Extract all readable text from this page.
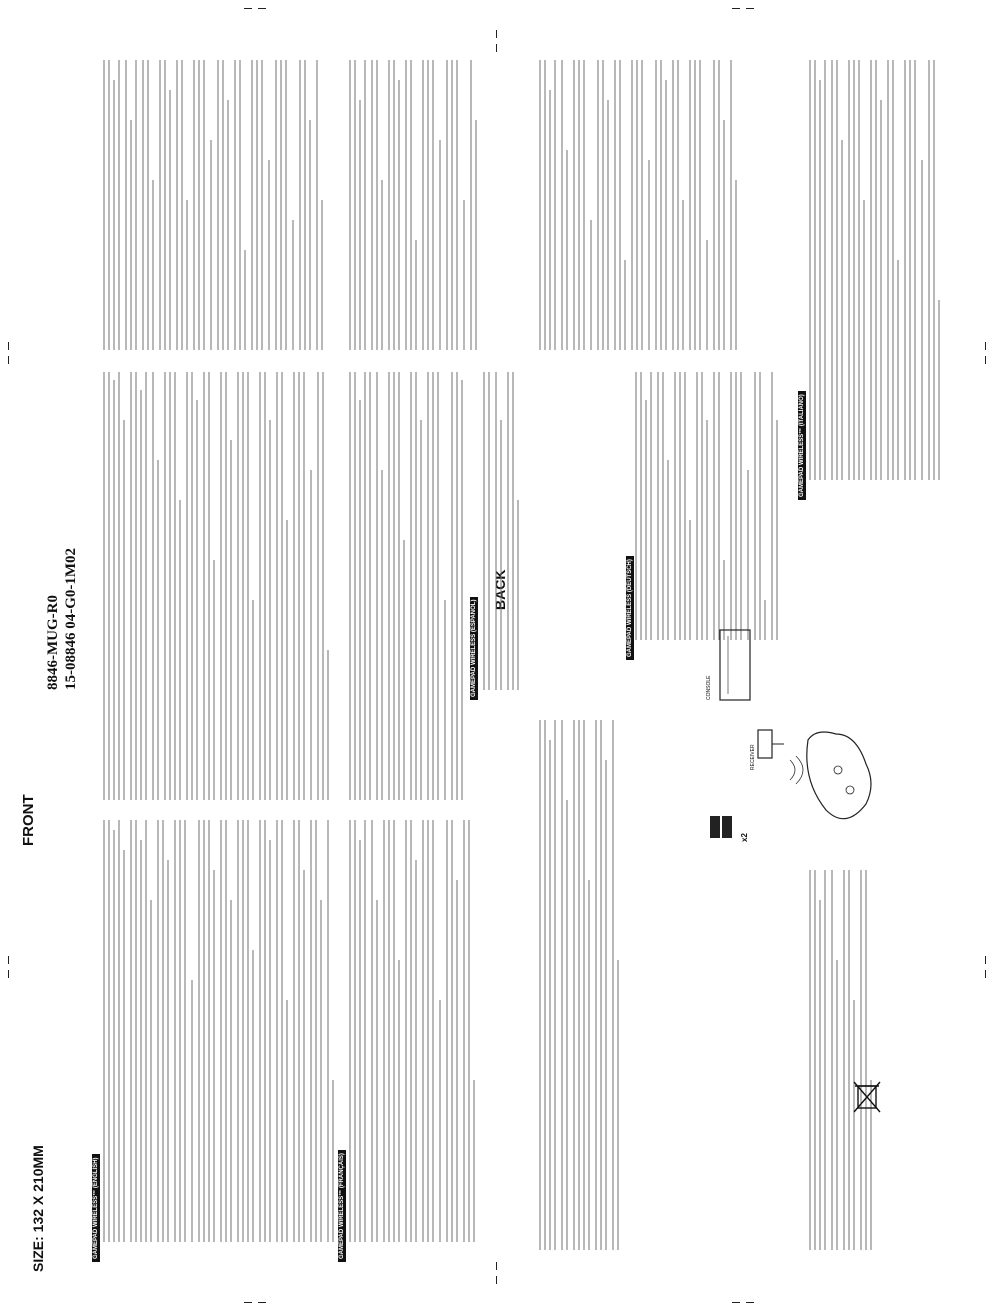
FRONT
BACK
SIZE: 132 X 210MM
8846-MUG-R0 15-08846 04-G0-1M02
GAMEPAD WIRELESS™ (ENGLISH)	GAMEPAD WIRELESS™ (FRANÇAIS)
GAMEPAD WIRELESS (ESPAÑOL)	GAMEPAD WIRELESS (DEUTSCH)
GAMEPAD WIRELESS™ (ITALIANO)
CONSOLE
RECEIVER
x2
